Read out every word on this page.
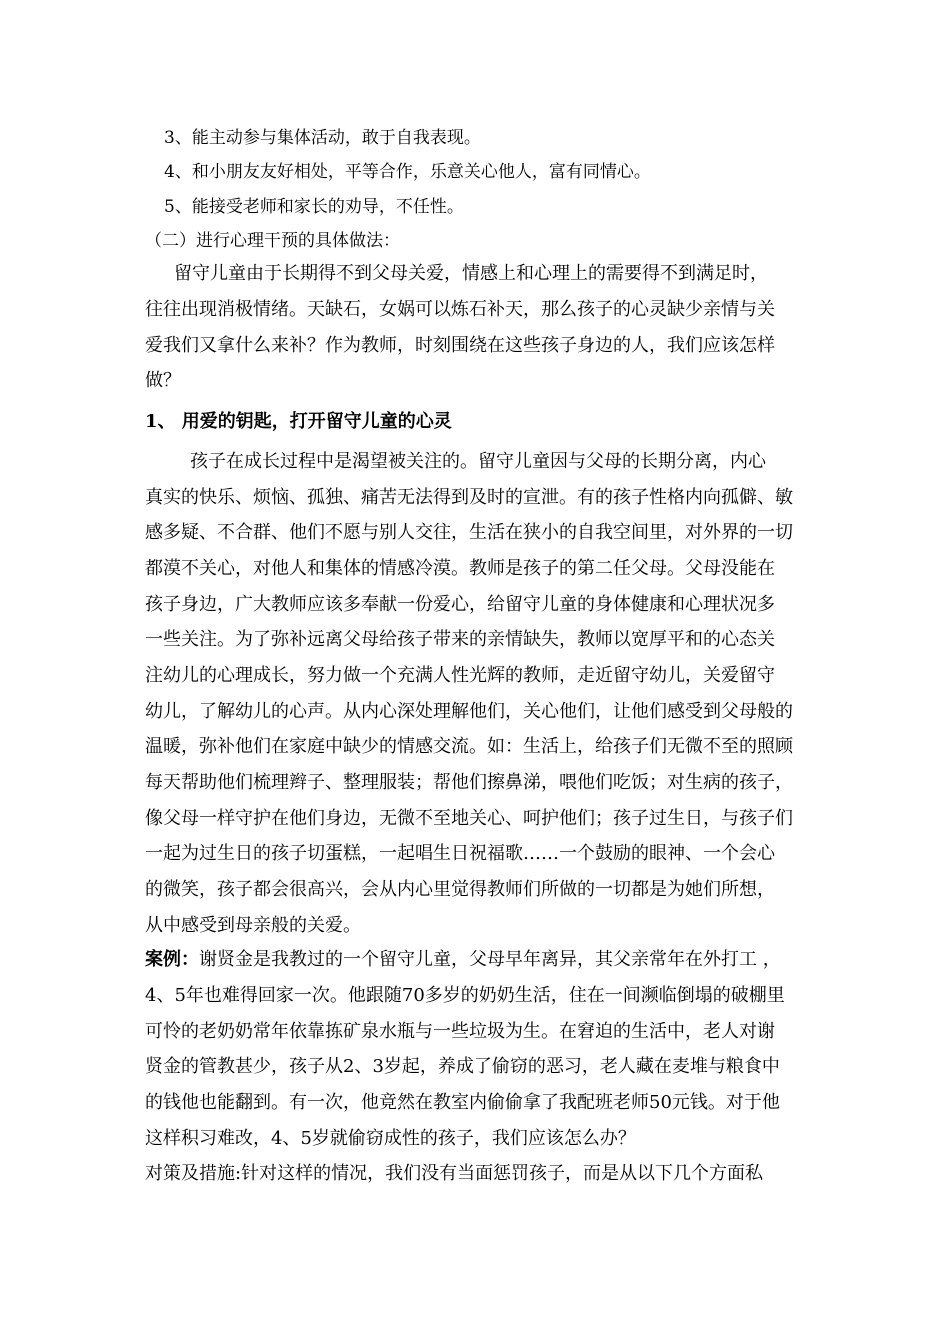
3、能主动参与集体活动，敢于自我表现。
4、和小朋友友好相处，平等合作，乐意关心他人，富有同情心。
5、能接受老师和家长的劝导，不任性。
（二）进行心理干预的具体做法：
留守儿童由于长期得不到父母关爱，情感上和心理上的需要得不到满足时，
往往出现消极情绪。天缺石，女娲可以炼石补天，那么孩子的心灵缺少亲情与关
爱我们又拿什么来补？作为教师，时刻围绕在这些孩子身边的人，我们应该怎样
做？
1、 用爱的钥匙，打开留守儿童的心灵
孩子在成长过程中是渴望被关注的。留守儿童因与父母的长期分离，内心
真实的快乐、烦恼、孤独、痛苦无法得到及时的宣泄。有的孩子性格内向孤僻、敏
感多疑、不合群、他们不愿与别人交往，生活在狭小的自我空间里，对外界的一切
都漠不关心，对他人和集体的情感冷漠。教师是孩子的第二任父母。父母没能在
孩子身边，广大教师应该多奉献一份爱心，给留守儿童的身体健康和心理状况多
一些关注。为了弥补远离父母给孩子带来的亲情缺失，教师以宽厚平和的心态关
注幼儿的心理成长，努力做一个充满人性光辉的教师，走近留守幼儿，关爱留守
幼儿，了解幼儿的心声。从内心深处理解他们，关心他们，让他们感受到父母般的
温暖，弥补他们在家庭中缺少的情感交流。如：生活上，给孩子们无微不至的照顾
每天帮助他们梳理辫子、整理服装；帮他们擦鼻涕，喂他们吃饭；对生病的孩子，
像父母一样守护在他们身边，无微不至地关心、呵护他们；孩子过生日，与孩子们
一起为过生日的孩子切蛋糕，一起唱生日祝福歌……一个鼓励的眼神、一个会心
的微笑，孩子都会很高兴，会从内心里觉得教师们所做的一切都是为她们所想，
从中感受到母亲般的关爱。
案例：谢贤金是我教过的一个留守儿童，父母早年离异，其父亲常年在外打工 ，
4、5年也难得回家一次。他跟随70多岁的奶奶生活，住在一间濒临倒塌的破棚里
可怜的老奶奶常年依靠拣矿泉水瓶与一些垃圾为生。在窘迫的生活中，老人对谢
贤金的管教甚少，孩子从2、3岁起，养成了偷窃的恶习，老人藏在麦堆与粮食中
的钱他也能翻到。有一次，他竟然在教室内偷偷拿了我配班老师50元钱。对于他
这样积习难改，4、5岁就偷窃成性的孩子，我们应该怎么办？
对策及措施:针对这样的情况，我们没有当面惩罚孩子，而是从以下几个方面私
